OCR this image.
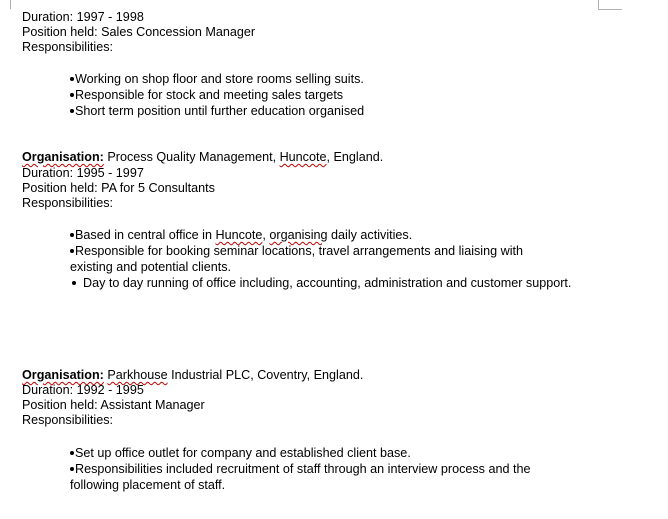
Duration: 1997 - 1998
Position held: Sales Concession Manager
Responsibilities:
Working on shop floor and store rooms selling suits.
Responsible for stock and meeting sales targets
Short term position until further education organised
Organisation: Process Quality Management, Huncote, England.
Duration: 1995 - 1997
Position held: PA for 5 Consultants
Responsibilities:
Based in central office in Huncote, organising daily activities.
Responsible for booking seminar locations, travel arrangements and liaising with
existing and potential clients.
Day to day running of office including, accounting, administration and customer support.
Organisation: Parkhouse Industrial PLC, Coventry, England.
Duration: 1992 - 1995
Position held: Assistant Manager
Responsibilities:
Set up office outlet for company and established client base.
Responsibilities included recruitment of staff through an interview process and the
following placement of staff.
